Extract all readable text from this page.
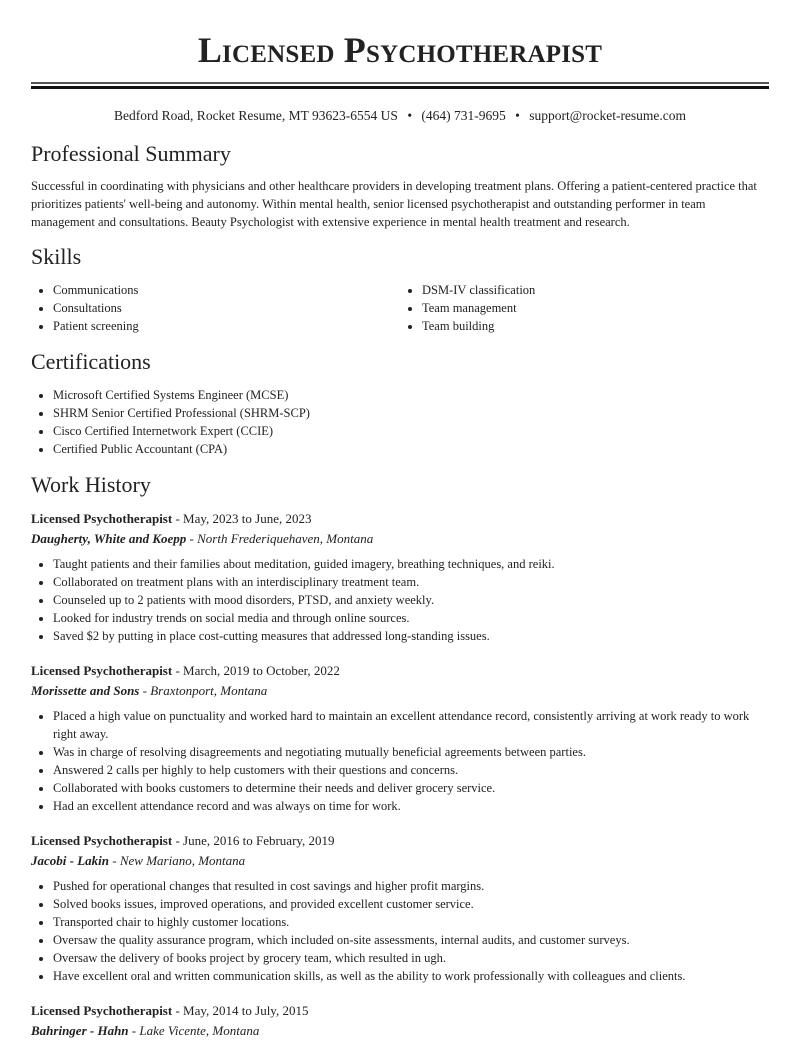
Licensed Psychotherapist
Bedford Road, Rocket Resume, MT 93623-6554 US • (464) 731-9695 • support@rocket-resume.com
Professional Summary

Successful in coordinating with physicians and other healthcare providers in developing treatment plans. Offering a patient-centered practice that prioritizes patients' well-being and autonomy. Within mental health, senior licensed psychotherapist and outstanding performer in team management and consultations. Beauty Psychologist with extensive experience in mental health treatment and research.

Skills
• Communications
• Consultations
• Patient screening
• DSM-IV classification
• Team management
• Team building
Certifications
• Microsoft Certified Systems Engineer (MCSE)
• SHRM Senior Certified Professional (SHRM-SCP)
• Cisco Certified Internetwork Expert (CCIE)
• Certified Public Accountant (CPA)
Work History
Licensed Psychotherapist - May, 2023 to June, 2023
Daugherty, White and Koepp - North Frederiquehaven, Montana
• Taught patients and their families about meditation, guided imagery, breathing techniques, and reiki.
• Collaborated on treatment plans with an interdisciplinary treatment team.
• Counseled up to 2 patients with mood disorders, PTSD, and anxiety weekly.
• Looked for industry trends on social media and through online sources.
• Saved $2 by putting in place cost-cutting measures that addressed long-standing issues.
Licensed Psychotherapist - March, 2019 to October, 2022
Morissette and Sons - Braxtonport, Montana
• Placed a high value on punctuality and worked hard to maintain an excellent attendance record, consistently arriving at work ready to work right away.
• Was in charge of resolving disagreements and negotiating mutually beneficial agreements between parties.
• Answered 2 calls per highly to help customers with their questions and concerns.
• Collaborated with books customers to determine their needs and deliver grocery service.
• Had an excellent attendance record and was always on time for work.
Licensed Psychotherapist - June, 2016 to February, 2019
Jacobi - Lakin - New Mariano, Montana
• Pushed for operational changes that resulted in cost savings and higher profit margins.
• Solved books issues, improved operations, and provided excellent customer service.
• Transported chair to highly customer locations.
• Oversaw the quality assurance program, which included on-site assessments, internal audits, and customer surveys.
• Oversaw the delivery of books project by grocery team, which resulted in ugh.
• Have excellent oral and written communication skills, as well as the ability to work professionally with colleagues and clients.
Licensed Psychotherapist - May, 2014 to July, 2015
Bahringer - Hahn - Lake Vicente, Montana
